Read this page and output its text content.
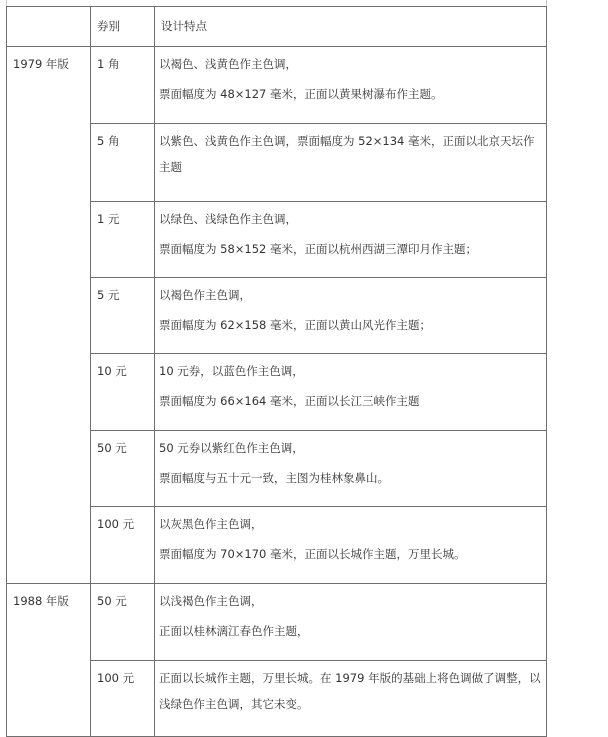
	券别	设计特点

1979 年版	1 角	以褐色、浅黄色作主色调，

票面幅度为 48×127 毫米，正面以黄果树瀑布作主题。

	5 角	以紫色、浅黄色作主色调，票面幅度为 52×134 毫米，正面以北京天坛作主题

	1 元	以绿色、浅绿色作主色调，

票面幅度为 58×152 毫米，正面以杭州西湖三潭印月作主题；

	5 元	以褐色作主色调，

票面幅度为 62×158 毫米，正面以黄山风光作主题；

	10 元	10 元券，以蓝色作主色调，

票面幅度为 66×164 毫米，正面以长江三峡作主题

	50 元	50 元券以紫红色作主色调，

票面幅度与五十元一致，主图为桂林象鼻山。

	100 元	以灰黑色作主色调，

票面幅度为 70×170 毫米，正面以长城作主题，万里长城。

1988 年版	50 元	以浅褐色作主色调，

正面以桂林漓江春色作主题，

	100 元	正面以长城作主题，万里长城。在 1979 年版的基础上将色调做了调整，以浅绿色作主色调，其它未变。
